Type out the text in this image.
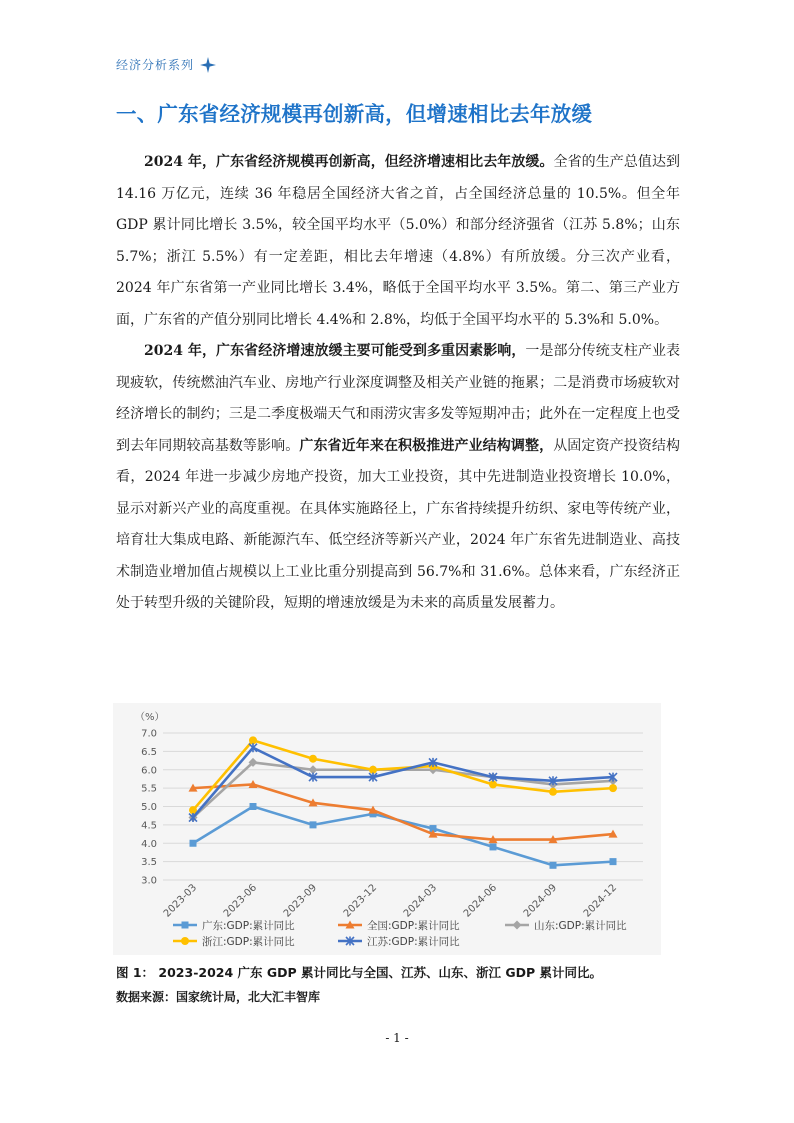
经济分析系列
一、广东省经济规模再创新高，但增速相比去年放缓

2024 年，广东省经济规模再创新高，但经济增速相比去年放缓。全省的生产总值达到 14.16 万亿元，连续 36 年稳居全国经济大省之首，占全国经济总量的 10.5%。但全年 GDP 累计同比增长 3.5%，较全国平均水平（5.0%）和部分经济强省（江苏 5.8%；山东 5.7%；浙江 5.5%）有一定差距，相比去年增速（4.8%）有所放缓。分三次产业看，2024 年广东省第一产业同比增长 3.4%，略低于全国平均水平 3.5%。第二、第三产业方面，广东省的产值分别同比增长 4.4%和 2.8%，均低于全国平均水平的 5.3%和 5.0%。

2024 年，广东省经济增速放缓主要可能受到多重因素影响，一是部分传统支柱产业表现疲软，传统燃油汽车业、房地产行业深度调整及相关产业链的拖累；二是消费市场疲软对经济增长的制约；三是二季度极端天气和雨涝灾害多发等短期冲击；此外在一定程度上也受到去年同期较高基数等影响。广东省近年来在积极推进产业结构调整，从固定资产投资结构看，2024 年进一步减少房地产投资，加大工业投资，其中先进制造业投资增长 10.0%，显示对新兴产业的高度重视。在具体实施路径上，广东省持续提升纺织、家电等传统产业，培育壮大集成电路、新能源汽车、低空经济等新兴产业，2024 年广东省先进制造业、高技术制造业增加值占规模以上工业比重分别提高到 56.7%和 31.6%。总体来看，广东经济正处于转型升级的关键阶段，短期的增速放缓是为未来的高质量发展蓄力。

（%）
3.0
3.5
4.0
4.5
5.0
5.5
6.0
6.5
7.0
2023-03 2023-06 2023-09 2023-12 2024-03 2024-06 2024-09 2024-12
广东:GDP:累计同比	全国:GDP:累计同比	山东:GDP:累计同比
浙江:GDP:累计同比	江苏:GDP:累计同比
图 1： 2023-2024 广东 GDP 累计同比与全国、江苏、山东、浙江 GDP 累计同比。
数据来源：国家统计局，北大汇丰智库
- 1 -
